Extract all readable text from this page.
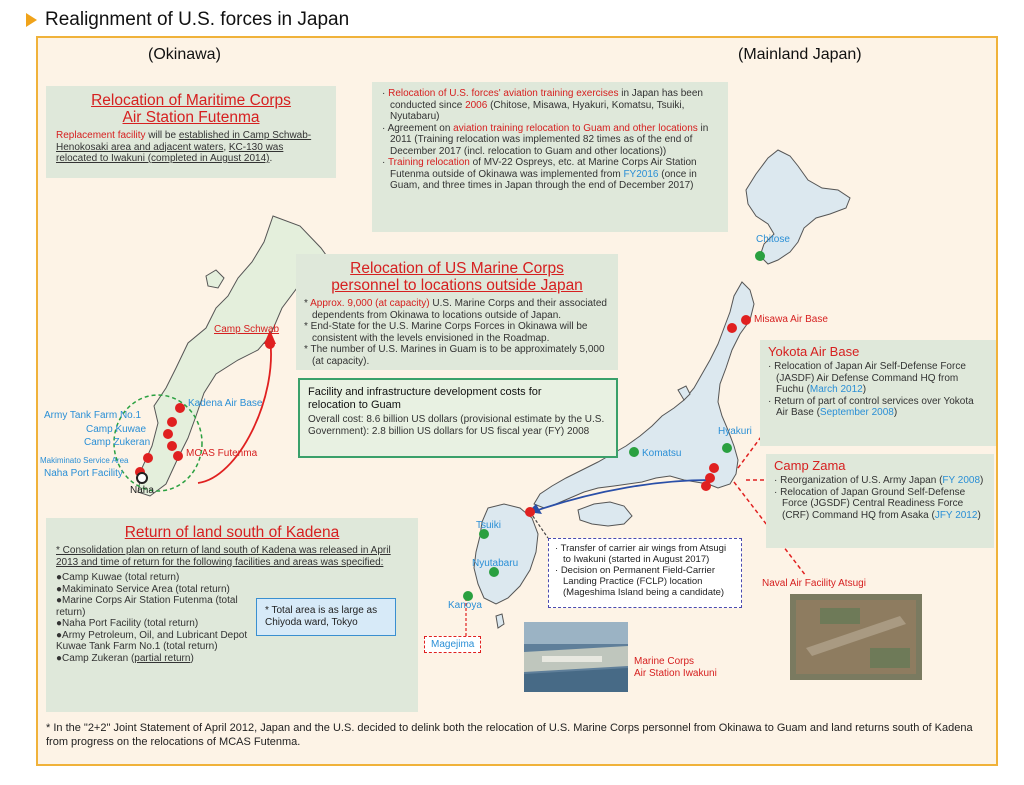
Realignment of U.S. forces in Japan
(Okinawa)	(Mainland Japan)
Chitose
Misawa Air Base
Hyakuri
Komatsu
Tsuiki
Nyutabaru
Kanoya
Magejima
Naval Air Facility Atsugi
Marine Corps
Air Station Iwakuni
Camp Schwab
Kadena Air Base
Army Tank Farm No.1
Camp Kuwae
Camp Zukeran
Makiminato Service Area
Naha Port Facility
MCAS Futenma
Naha
Relocation of Maritime Corps
Air Station Futenma
Replacement facility will be established in Camp Schwab-Henokosaki area and adjacent waters, KC-130 was relocated to Iwakuni (completed in August 2014).
· Relocation of U.S. forces' aviation training exercises in Japan has been conducted since 2006 (Chitose, Misawa, Hyakuri, Komatsu, Tsuiki, Nyutabaru)
· Agreement on aviation training relocation to Guam and other locations in 2011 (Training relocation was implemented 82 times as of the end of December 2017 (incl. relocation to Guam and other locations))
· Training relocation of MV-22 Ospreys, etc. at Marine Corps Air Station Futenma outside of Okinawa was implemented from FY2016 (once in Guam, and three times in Japan through the end of December 2017)
Relocation of US Marine Corps
personnel to locations outside Japan
* Approx. 9,000 (at capacity) U.S. Marine Corps and their associated dependents from Okinawa to locations outside of Japan.
* End-State for the U.S. Marine Corps Forces in Okinawa will be consistent with the levels envisioned in the Roadmap.
* The number of U.S. Marines in Guam is to be approximately 5,000 (at capacity).
Facility and infrastructure development costs for
relocation to Guam
Overall cost: 8.6 billion US dollars (provisional estimate by the U.S. Government): 2.8 billion US dollars for US fiscal year (FY) 2008
Return of land south of Kadena
* Consolidation plan on return of land south of Kadena was released in April 2013 and time of return for the following facilities and areas was specified:
●Camp Kuwae (total return)
●Makiminato Service Area (total return)
●Marine Corps Air Station Futenma (total return)
●Naha Port Facility (total return)
●Army Petroleum, Oil, and Lubricant Depot Kuwae Tank Farm No.1 (total return)
●Camp Zukeran (partial return)
* Total area is as large as Chiyoda ward, Tokyo
Yokota Air Base
· Relocation of Japan Air Self-Defense Force (JASDF) Air Defense Command HQ from Fuchu (March 2012)
· Return of part of control services over Yokota Air Base (September 2008)
Camp Zama
· Reorganization of U.S. Army Japan (FY 2008)
· Relocation of Japan Ground Self-Defense Force (JGSDF) Central Readiness Force (CRF) Command HQ from Asaka (JFY 2012)
· Transfer of carrier air wings from Atsugi to Iwakuni (started in August 2017)
· Decision on Permanent Field-Carrier Landing Practice (FCLP) location (Mageshima Island being a candidate)
* In the "2+2" Joint Statement of April 2012, Japan and the U.S. decided to delink both the relocation of U.S. Marine Corps personnel from Okinawa to Guam and land returns south of Kadena from progress on the relocations of MCAS Futenma.
